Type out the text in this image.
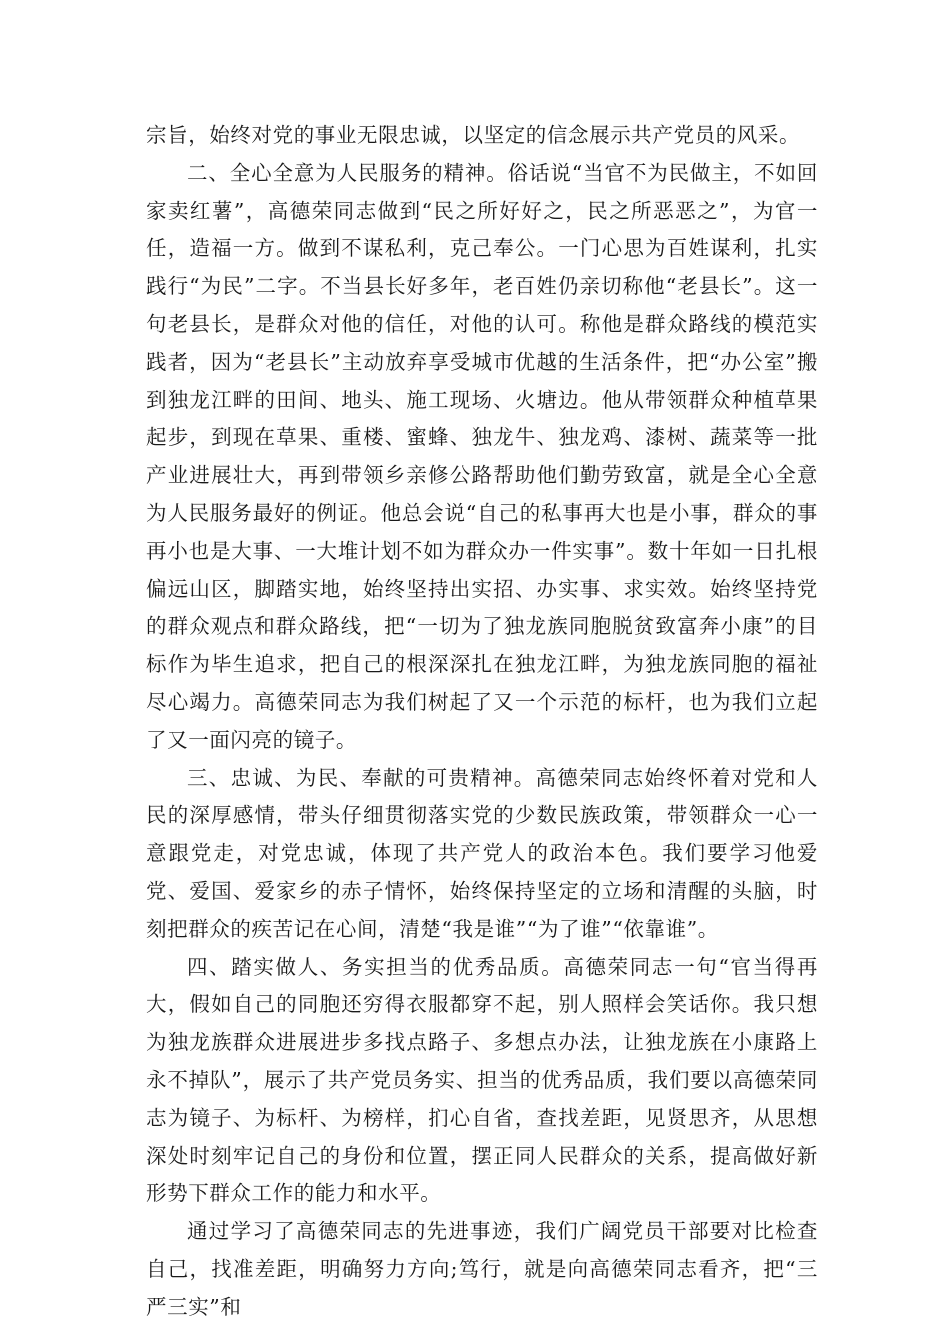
宗旨，始终对党的事业无限忠诚，以坚定的信念展示共产党员的风采。

二、全心全意为人民服务的精神。俗话说“当官不为民做主，不如回家卖红薯”，高德荣同志做到“民之所好好之，民之所恶恶之”，为官一任，造福一方。做到不谋私利，克己奉公。一门心思为百姓谋利，扎实践行“为民”二字。不当县长好多年，老百姓仍亲切称他“老县长”。这一句老县长，是群众对他的信任，对他的认可。称他是群众路线的模范实践者，因为“老县长”主动放弃享受城市优越的生活条件，把“办公室”搬到独龙江畔的田间、地头、施工现场、火塘边。他从带领群众种植草果起步，到现在草果、重楼、蜜蜂、独龙牛、独龙鸡、漆树、蔬菜等一批产业进展壮大，再到带领乡亲修公路帮助他们勤劳致富，就是全心全意为人民服务最好的例证。他总会说“自己的私事再大也是小事，群众的事再小也是大事、一大堆计划不如为群众办一件实事”。数十年如一日扎根偏远山区，脚踏实地，始终坚持出实招、办实事、求实效。始终坚持党的群众观点和群众路线，把“一切为了独龙族同胞脱贫致富奔小康”的目标作为毕生追求，把自己的根深深扎在独龙江畔，为独龙族同胞的福祉尽心竭力。高德荣同志为我们树起了又一个示范的标杆，也为我们立起了又一面闪亮的镜子。

三、忠诚、为民、奉献的可贵精神。高德荣同志始终怀着对党和人民的深厚感情，带头仔细贯彻落实党的少数民族政策，带领群众一心一意跟党走，对党忠诚，体现了共产党人的政治本色。我们要学习他爱党、爱国、爱家乡的赤子情怀，始终保持坚定的立场和清醒的头脑，时刻把群众的疾苦记在心间，清楚“我是谁”“为了谁”“依靠谁”。

四、踏实做人、务实担当的优秀品质。高德荣同志一句“官当得再大，假如自己的同胞还穷得衣服都穿不起，别人照样会笑话你。我只想为独龙族群众进展进步多找点路子、多想点办法，让独龙族在小康路上永不掉队”，展示了共产党员务实、担当的优秀品质，我们要以高德荣同志为镜子、为标杆、为榜样，扪心自省，查找差距，见贤思齐，从思想深处时刻牢记自己的身份和位置，摆正同人民群众的关系，提高做好新形势下群众工作的能力和水平。

通过学习了高德荣同志的先进事迹，我们广阔党员干部要对比检查自己，找准差距，明确努力方向;笃行，就是向高德荣同志看齐，把“三严三实”和
